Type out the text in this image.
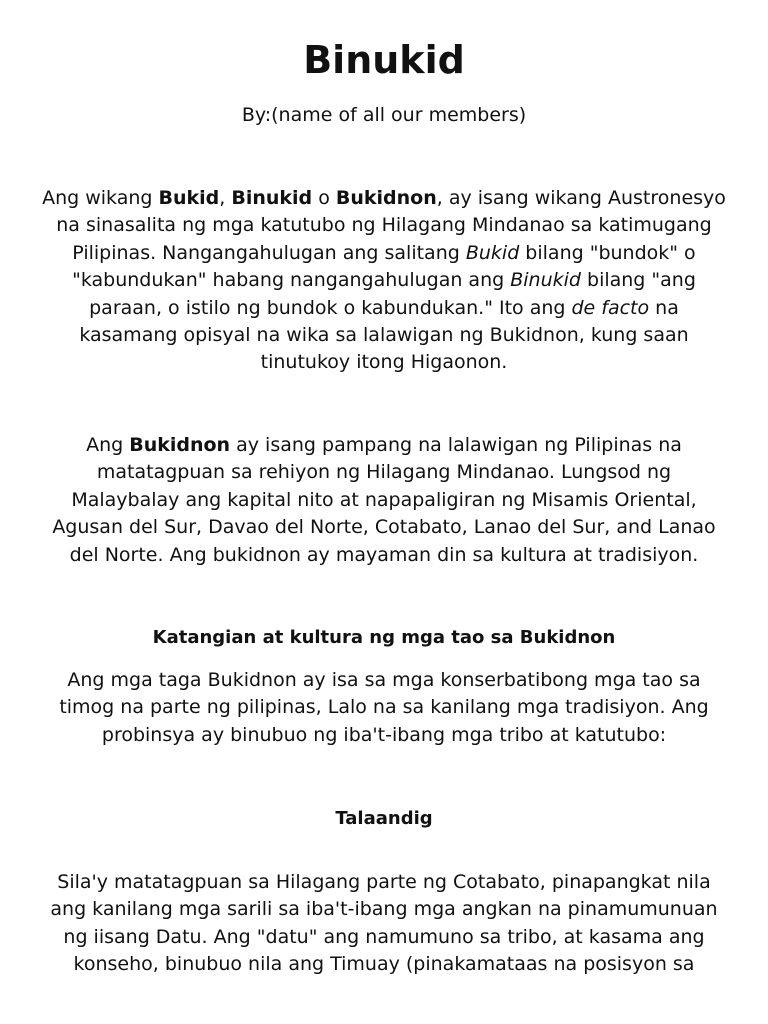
Binukid

By:(name of all our members)

Ang wikang Bukid, Binukid o Bukidnon, ay isang wikang Austronesyo na sinasalita ng mga katutubo ng Hilagang Mindanao sa katimugang Pilipinas. Nangangahulugan ang salitang Bukid bilang "bundok" o "kabundukan" habang nangangahulugan ang Binukid bilang "ang paraan, o istilo ng bundok o kabundukan." Ito ang de facto na kasamang opisyal na wika sa lalawigan ng Bukidnon, kung saan tinutukoy itong Higaonon.

Ang Bukidnon ay isang pampang na lalawigan ng Pilipinas na matatagpuan sa rehiyon ng Hilagang Mindanao. Lungsod ng Malaybalay ang kapital nito at napapaligiran ng Misamis Oriental, Agusan del Sur, Davao del Norte, Cotabato, Lanao del Sur, and Lanao del Norte. Ang bukidnon ay mayaman din sa kultura at tradisiyon.

Katangian at kultura ng mga tao sa Bukidnon

Ang mga taga Bukidnon ay isa sa mga konserbatibong mga tao sa timog na parte ng pilipinas, Lalo na sa kanilang mga tradisiyon. Ang probinsya ay binubuo ng iba't-ibang mga tribo at katutubo:

Talaandig

Sila'y matatagpuan sa Hilagang parte ng Cotabato, pinapangkat nila ang kanilang mga sarili sa iba't-ibang mga angkan na pinamumunuan ng iisang Datu. Ang "datu" ang namumuno sa tribo, at kasama ang konseho, binubuo nila ang Timuay (pinakamataas na posisyon sa
